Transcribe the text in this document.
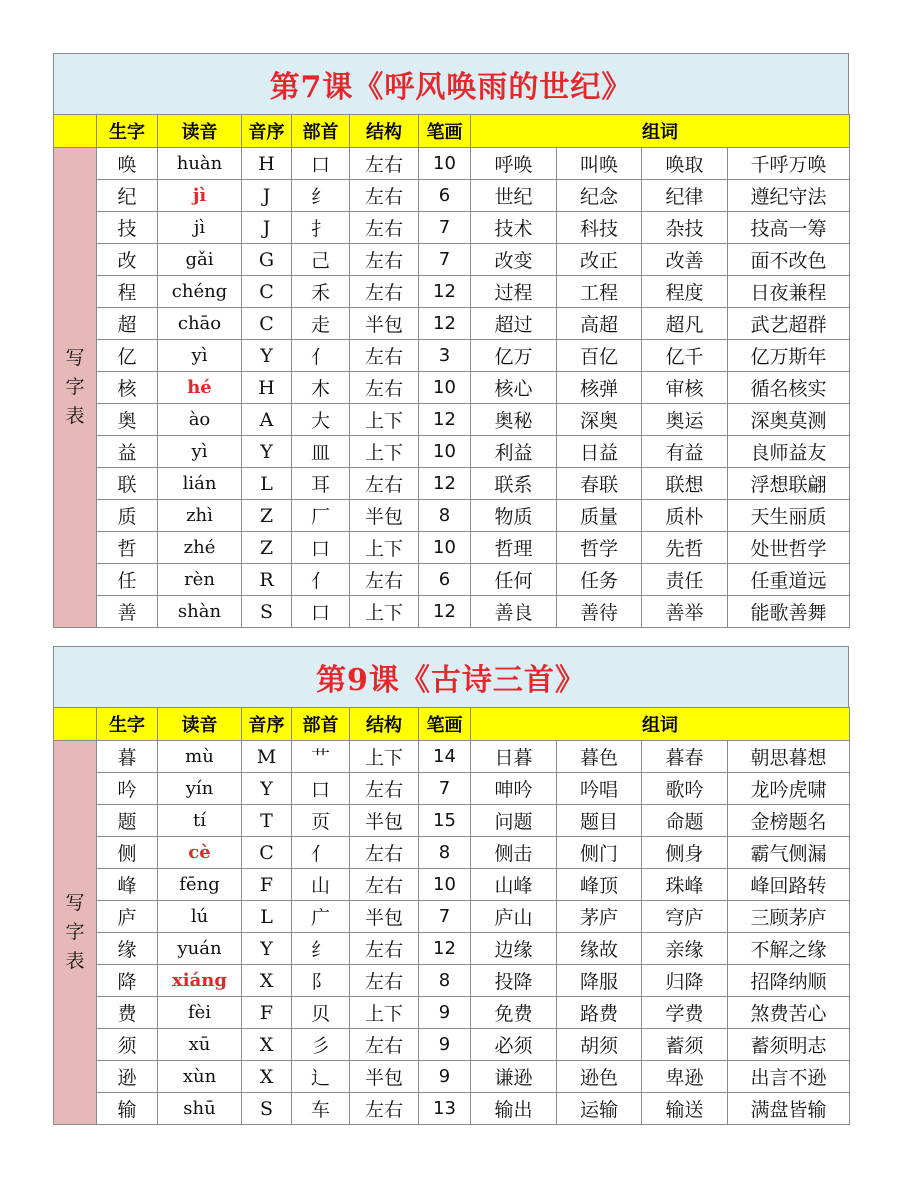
第7课《呼风唤雨的世纪》
	生字	读音	音序	部首	结构	笔画	组词			
写字表	唤	huàn	H	口	左右	10	呼唤	叫唤	唤取	千呼万唤
	纪	jì	J	纟	左右	6	世纪	纪念	纪律	遵纪守法
	技	jì	J	扌	左右	7	技术	科技	杂技	技高一筹
	改	gǎi	G	己	左右	7	改变	改正	改善	面不改色
	程	chéng	C	禾	左右	12	过程	工程	程度	日夜兼程
	超	chāo	C	走	半包	12	超过	高超	超凡	武艺超群
	亿	yì	Y	亻	左右	3	亿万	百亿	亿千	亿万斯年
	核	hé	H	木	左右	10	核心	核弹	审核	循名核实
	奥	ào	A	大	上下	12	奥秘	深奥	奥运	深奥莫测
	益	yì	Y	皿	上下	10	利益	日益	有益	良师益友
	联	lián	L	耳	左右	12	联系	春联	联想	浮想联翩
	质	zhì	Z	厂	半包	8	物质	质量	质朴	天生丽质
	哲	zhé	Z	口	上下	10	哲理	哲学	先哲	处世哲学
	任	rèn	R	亻	左右	6	任何	任务	责任	任重道远
	善	shàn	S	口	上下	12	善良	善待	善举	能歌善舞
第9课《古诗三首》
	生字	读音	音序	部首	结构	笔画	组词			
写字表	暮	mù	M	艹	上下	14	日暮	暮色	暮春	朝思暮想
	吟	yín	Y	口	左右	7	呻吟	吟唱	歌吟	龙吟虎啸
	题	tí	T	页	半包	15	问题	题目	命题	金榜题名
	侧	cè	C	亻	左右	8	侧击	侧门	侧身	霸气侧漏
	峰	fēng	F	山	左右	10	山峰	峰顶	珠峰	峰回路转
	庐	lú	L	广	半包	7	庐山	茅庐	穹庐	三顾茅庐
	缘	yuán	Y	纟	左右	12	边缘	缘故	亲缘	不解之缘
	降	xiáng	X	阝	左右	8	投降	降服	归降	招降纳顺
	费	fèi	F	贝	上下	9	免费	路费	学费	煞费苦心
	须	xū	X	彡	左右	9	必须	胡须	蓄须	蓄须明志
	逊	xùn	X	辶	半包	9	谦逊	逊色	卑逊	出言不逊
	输	shū	S	车	左右	13	输出	运输	输送	满盘皆输
